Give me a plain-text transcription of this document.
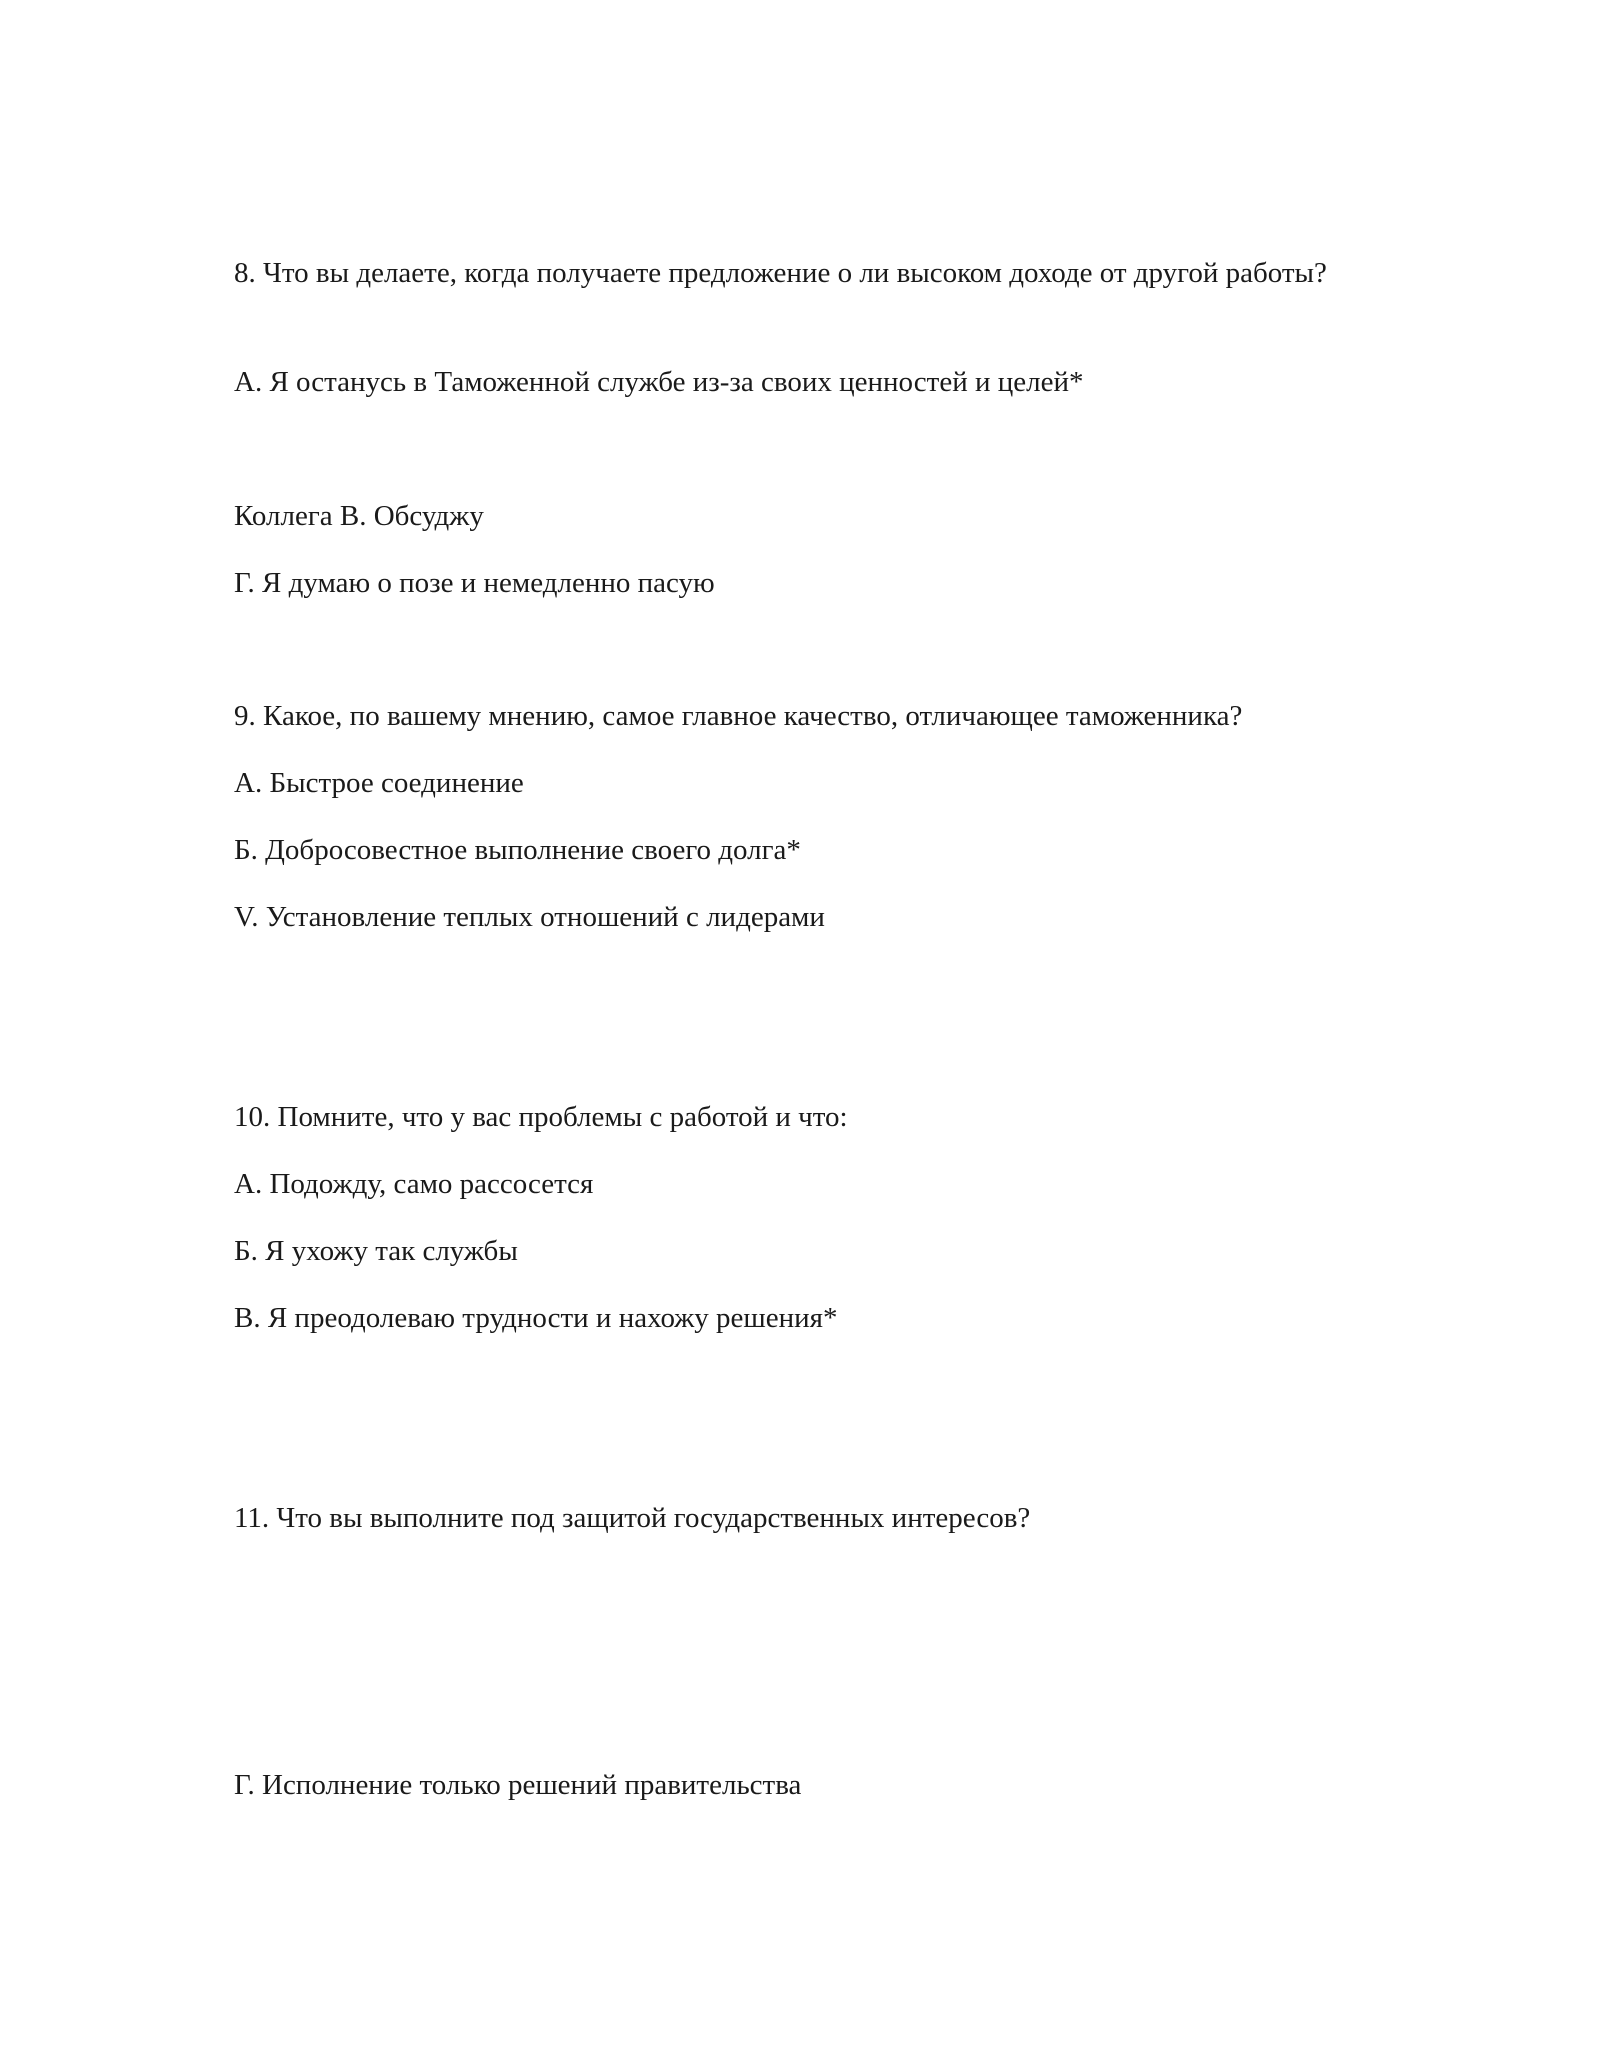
8. Что вы делаете, когда получаете предложение о ли высоком доходе от другой работы?
А. Я останусь в Таможенной службе из-за своих ценностей и целей*
Коллега В. Обсуджу
Г. Я думаю о позе и немедленно пасую
9. Какое, по вашему мнению, самое главное качество, отличающее таможенника?
А. Быстрое соединение
Б. Добросовестное выполнение своего долга*
V. Установление теплых отношений с лидерами
10. Помните, что у вас проблемы с работой и что:
А. Подожду, само рассосется
Б. Я ухожу так службы
В. Я преодолеваю трудности и нахожу решения*
11. Что вы выполните под защитой государственных интересов?
Г. Исполнение только решений правительства
